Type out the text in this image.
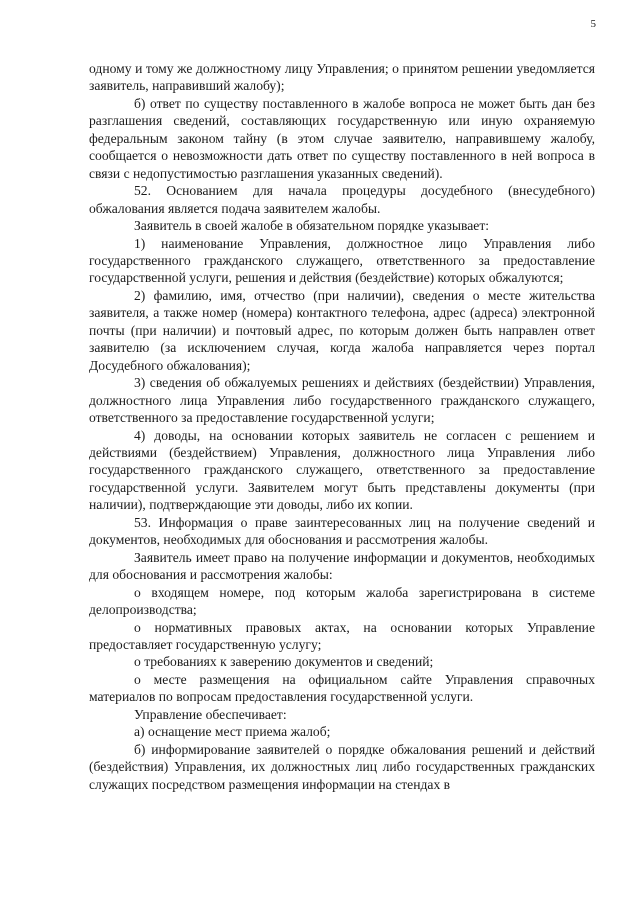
5

одному и тому же должностному лицу Управления; о принятом решении уведомляется заявитель, направивший жалобу);

б) ответ по существу поставленного в жалобе вопроса не может быть дан без разглашения сведений, составляющих государственную или иную охраняемую федеральным законом тайну (в этом случае заявителю, направившему жалобу, сообщается о невозможности дать ответ по существу поставленного в ней вопроса в связи с недопустимостью разглашения указанных сведений).

52. Основанием для начала процедуры досудебного (внесудебного) обжалования является подача заявителем жалобы.

Заявитель в своей жалобе в обязательном порядке указывает:

1) наименование Управления, должностное лицо Управления либо государственного гражданского служащего, ответственного за предоставление государственной услуги, решения и действия (бездействие) которых обжалуются;

2) фамилию, имя, отчество (при наличии), сведения о месте жительства заявителя, а также номер (номера) контактного телефона, адрес (адреса) электронной почты (при наличии) и почтовый адрес, по которым должен быть направлен ответ заявителю (за исключением случая, когда жалоба направляется через портал Досудебного обжалования);

3) сведения об обжалуемых решениях и действиях (бездействии) Управления, должностного лица Управления либо государственного гражданского служащего, ответственного за предоставление государственной услуги;

4) доводы, на основании которых заявитель не согласен с решением и действиями (бездействием) Управления, должностного лица Управления либо государственного гражданского служащего, ответственного за предоставление государственной услуги. Заявителем могут быть представлены документы (при наличии), подтверждающие эти доводы, либо их копии.

53. Информация о праве заинтересованных лиц на получение сведений и документов, необходимых для обоснования и рассмотрения жалобы.

Заявитель имеет право на получение информации и документов, необходимых для обоснования и рассмотрения жалобы:

о входящем номере, под которым жалоба зарегистрирована в системе делопроизводства;

о нормативных правовых актах, на основании которых Управление предоставляет государственную услугу;

о требованиях к заверению документов и сведений;

о месте размещения на официальном сайте Управления справочных материалов по вопросам предоставления государственной услуги.

Управление обеспечивает:

а) оснащение мест приема жалоб;

б) информирование заявителей о порядке обжалования решений и действий (бездействия) Управления, их должностных лиц либо государственных гражданских служащих посредством размещения информации на стендах в
